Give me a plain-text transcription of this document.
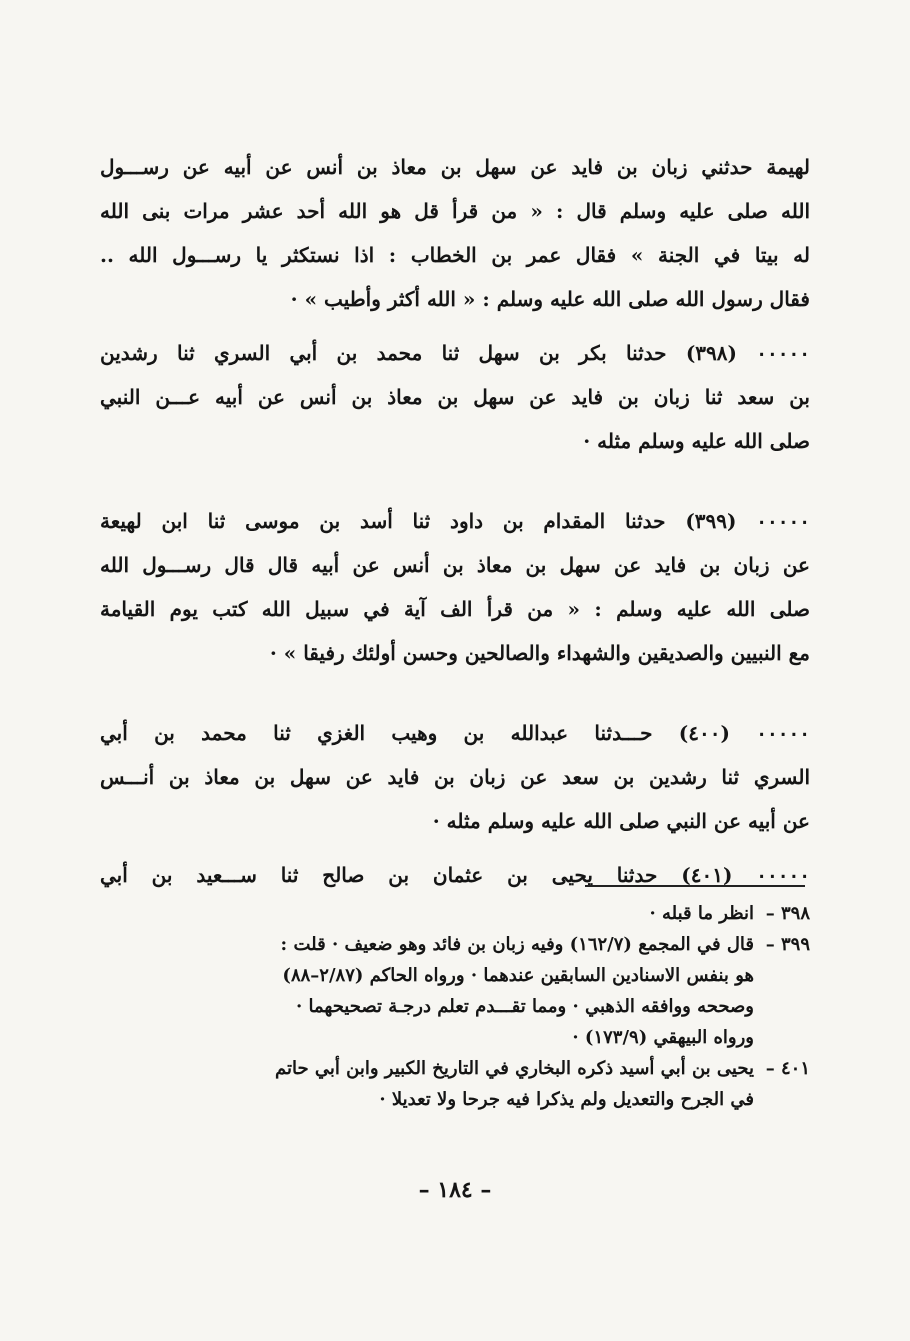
لهيمة حدثني زبان بن فايد عن سهل بن معاذ بن أنس عن أبيه عن رســـول
الله صلى عليه وسلم قال : « من قرأ قل هو الله أحد عشر مرات بنى الله
له بيتا في الجنة » فقال عمر بن الخطاب : اذا نستكثر يا رســـول الله ..
فقال رسول الله صلى الله عليه وسلم : « الله أكثر وأطيب » ·
٠٠٠٠٠ (٣٩٨) حدثنا بكر بن سهل ثنا محمد بن أبي السري ثنا رشدين
بن سعد ثنا زبان بن فايد عن سهل بن معاذ بن أنس عن أبيه عـــن النبي
صلى الله عليه وسلم مثله ·
٠٠٠٠٠ (٣٩٩) حدثنا المقدام بن داود ثنا أسد بن موسى ثنا ابن لهيعة
عن زبان بن فايد عن سهل بن معاذ بن أنس عن أبيه قال قال رســـول الله
صلى الله عليه وسلم : « من قرأ الف آية في سبيل الله كتب يوم القيامة
مع النبيين والصديقين والشهداء والصالحين وحسن أولئك رفيقا » ·
٠٠٠٠٠ (٤٠٠) حـــدثنا عبدالله بن وهيب الغزي ثنا محمد بن أبي
السري ثنا رشدين بن سعد عن زبان بن فايد عن سهل بن معاذ بن أنـــس
عن أبيه عن النبي صلى الله عليه وسلم مثله ·
٠٠٠٠٠ (٤٠١) حدثنا يحيى بن عثمان بن صالح ثنا ســـعيد بن أبي
٣٩٨ –انظر ما قبله ·
٣٩٩ –قال في المجمع (١٦٢/٧) وفيه زبان بن فائد وهو ضعيف · قلت :
هو بنفس الاسنادين السابقين عندهما · ورواه الحاكم (٢/٨٧–٨٨)
وصححه ووافقه الذهبي · ومما تقـــدم تعلم درجـة تصحيحهما ·
ورواه البيهقي (١٧٣/٩) ·
٤٠١ –يحيى بن أبي أسيد ذكره البخاري في التاريخ الكبير وابن أبي حاتم
في الجرح والتعديل ولم يذكرا فيه جرحا ولا تعديلا ·
– ١٨٤ –
